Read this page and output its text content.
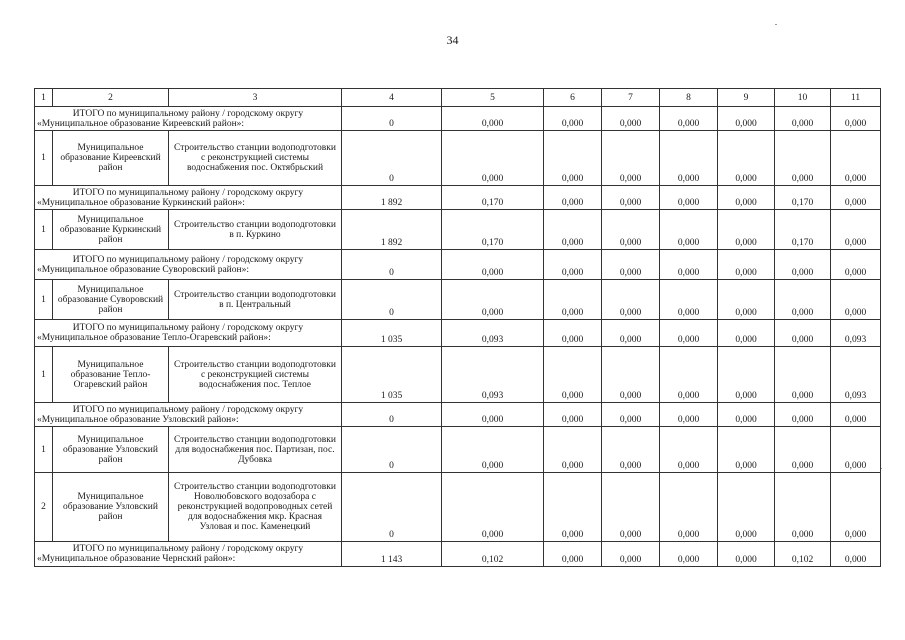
34
1	2	3	4	5	6	7	8	9	10	11
ИТОГО по муниципальному району / городскому округу «Муниципальное образование Киреевский район»:			0	0,000	0,000	0,000	0,000	0,000	0,000	0,000
1	Муниципальное образование Киреевский район	Строительство станции водоподготовки с реконструкцией системы водоснабжения пос. Октябрьский	0	0,000	0,000	0,000	0,000	0,000	0,000	0,000
ИТОГО по муниципальному району / городскому округу «Муниципальное образование Куркинский район»:			1 892	0,170	0,000	0,000	0,000	0,000	0,170	0,000
1	Муниципальное образование Куркинский район	Строительство станции водоподготовки в п. Куркино	1 892	0,170	0,000	0,000	0,000	0,000	0,170	0,000
ИТОГО по муниципальному району / городскому округу «Муниципальное образование Суворовский район»:			0	0,000	0,000	0,000	0,000	0,000	0,000	0,000
1	Муниципальное образование Суворовский район	Строительство станции водоподготовки в п. Центральный	0	0,000	0,000	0,000	0,000	0,000	0,000	0,000
ИТОГО по муниципальному району / городскому округу «Муниципальное образование Тепло-Огаревский район»:			1 035	0,093	0,000	0,000	0,000	0,000	0,000	0,093
1	Муниципальное образование Тепло-Огаревский район	Строительство станции водоподготовки с реконструкцией системы водоснабжения пос. Теплое	1 035	0,093	0,000	0,000	0,000	0,000	0,000	0,093
ИТОГО по муниципальному району / городскому округу «Муниципальное образование Узловский район»:			0	0,000	0,000	0,000	0,000	0,000	0,000	0,000
1	Муниципальное образование Узловский район	Строительство станции водоподготовки для водоснабжения пос. Партизан, пос. Дубовка	0	0,000	0,000	0,000	0,000	0,000	0,000	0,000
2	Муниципальное образование Узловский район	Строительство станции водоподготовки Новолюбовского водозабора с реконструкцией водопроводных сетей для водоснабжения мкр. Красная Узловая и пос. Каменецкий	0	0,000	0,000	0,000	0,000	0,000	0,000	0,000
ИТОГО по муниципальному району / городскому округу «Муниципальное образование Чернский район»:			1 143	0,102	0,000	0,000	0,000	0,000	0,102	0,000
